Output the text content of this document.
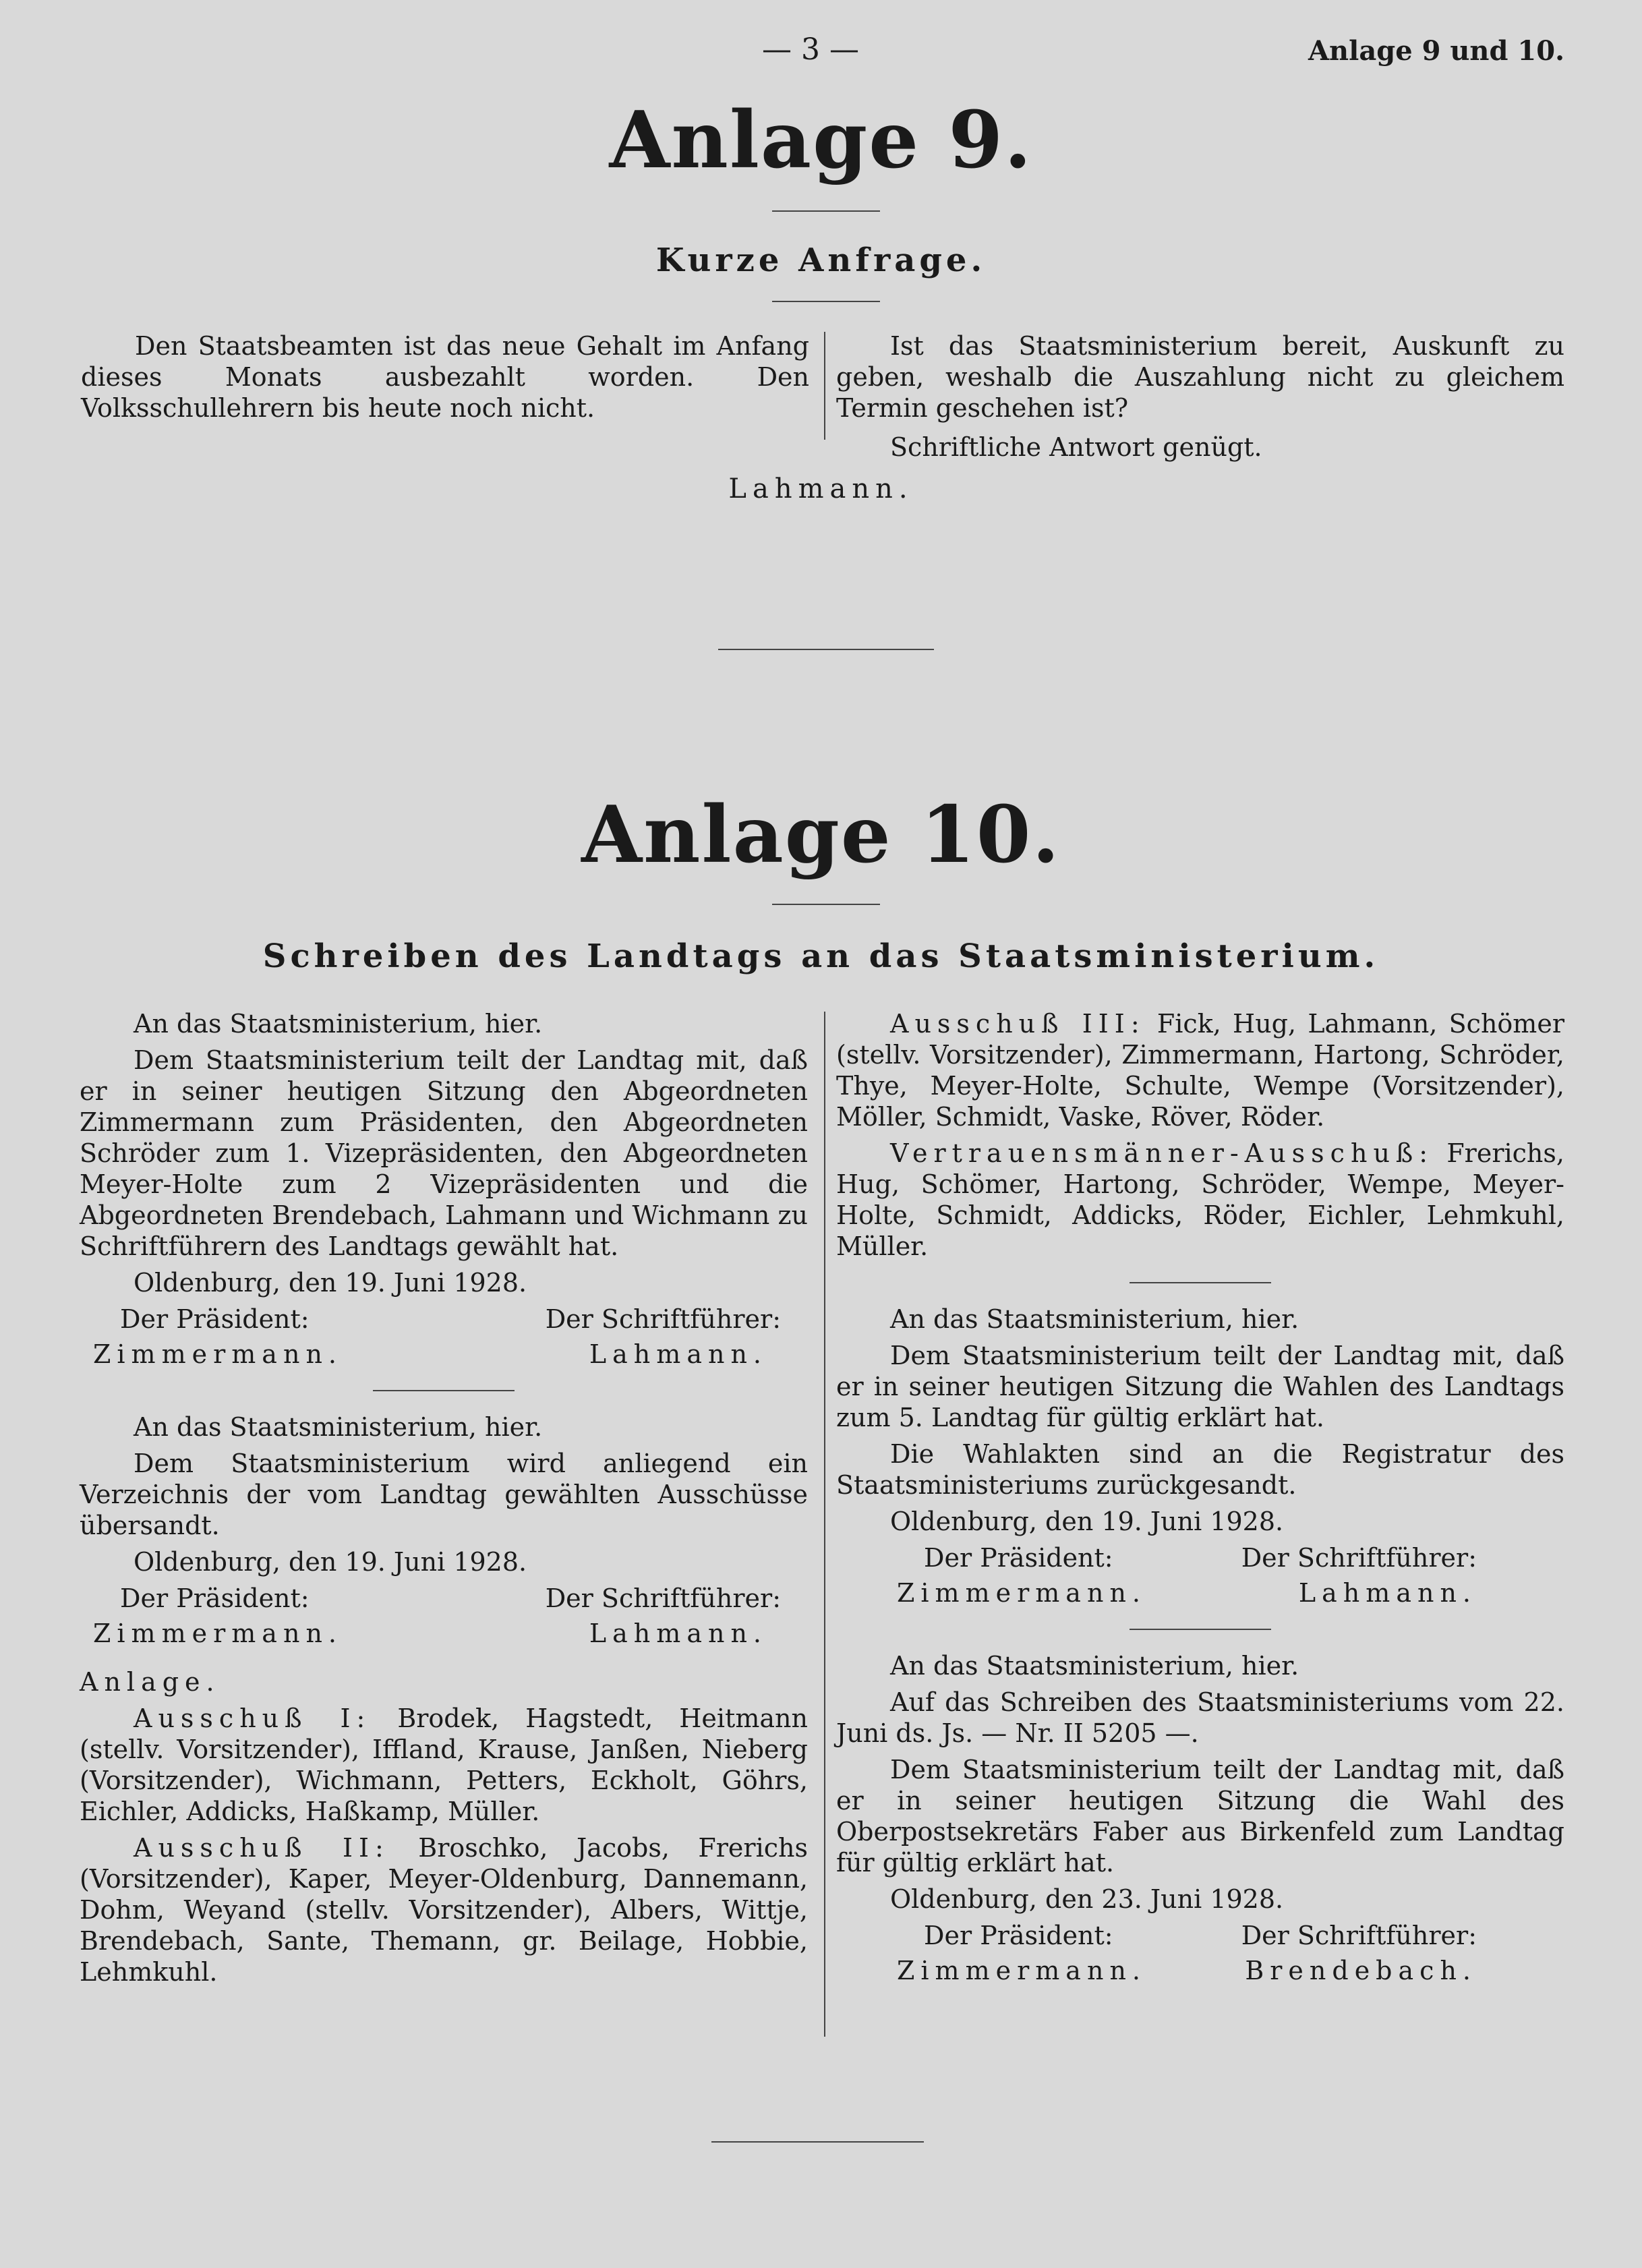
— 3 —	Anlage 9 und 10.
Anlage 9.
Kurze Anfrage.

Den Staatsbeamten ist das neue Gehalt im Anfang dieses Monats ausbezahlt worden. Den Volksschullehrern bis heute noch nicht.

Ist das Staatsministerium bereit, Auskunft zu geben, weshalb die Auszahlung nicht zu gleichem Termin geschehen ist?

Schriftliche Antwort genügt.

Lahmann.
Anlage 10.
Schreiben des Landtags an das Staatsministerium.

An das Staatsministerium, hier.

Dem Staatsministerium teilt der Landtag mit, daß er in seiner heutigen Sitzung den Abgeordneten Zimmermann zum Präsidenten, den Abgeordneten Schröder zum 1. Vizepräsidenten, den Abgeordneten Meyer-Holte zum 2 Vizepräsidenten und die Abgeordneten Brendebach, Lahmann und Wichmann zu Schriftführern des Landtags gewählt hat.

Oldenburg, den 19. Juni 1928.

Der Präsident:	Der Schriftführer:
Zimmermann.	Lahmann.

An das Staatsministerium, hier.

Dem Staatsministerium wird anliegend ein Verzeichnis der vom Landtag gewählten Ausschüsse übersandt.

Oldenburg, den 19. Juni 1928.

Der Präsident:	Der Schriftführer:
Zimmermann.	Lahmann.

Anlage.

Ausschuß I: Brodek, Hagstedt, Heitmann (stellv. Vorsitzender), Iffland, Krause, Janßen, Nieberg (Vorsitzender), Wichmann, Petters, Eckholt, Göhrs, Eichler, Addicks, Haßkamp, Müller.

Ausschuß II: Broschko, Jacobs, Frerichs (Vorsitzender), Kaper, Meyer-Oldenburg, Dannemann, Dohm, Weyand (stellv. Vorsitzender), Albers, Wittje, Brendebach, Sante, Themann, gr. Beilage, Hobbie, Lehmkuhl.

Ausschuß III: Fick, Hug, Lahmann, Schömer (stellv. Vorsitzender), Zimmermann, Hartong, Schröder, Thye, Meyer-Holte, Schulte, Wempe (Vorsitzender), Möller, Schmidt, Vaske, Röver, Röder.

Vertrauensmänner-Ausschuß: Frerichs, Hug, Schömer, Hartong, Schröder, Wempe, Meyer-Holte, Schmidt, Addicks, Röder, Eichler, Lehmkuhl, Müller.

An das Staatsministerium, hier.

Dem Staatsministerium teilt der Landtag mit, daß er in seiner heutigen Sitzung die Wahlen des Landtags zum 5. Landtag für gültig erklärt hat.

Die Wahlakten sind an die Registratur des Staatsministeriums zurückgesandt.

Oldenburg, den 19. Juni 1928.

Der Präsident:	Der Schriftführer:
Zimmermann.	Lahmann.

An das Staatsministerium, hier.

Auf das Schreiben des Staatsministeriums vom 22. Juni ds. Js. — Nr. II 5205 —.

Dem Staatsministerium teilt der Landtag mit, daß er in seiner heutigen Sitzung die Wahl des Oberpostsekretärs Faber aus Birkenfeld zum Landtag für gültig erklärt hat.

Oldenburg, den 23. Juni 1928.

Der Präsident:	Der Schriftführer:
Zimmermann.	Brendebach.
